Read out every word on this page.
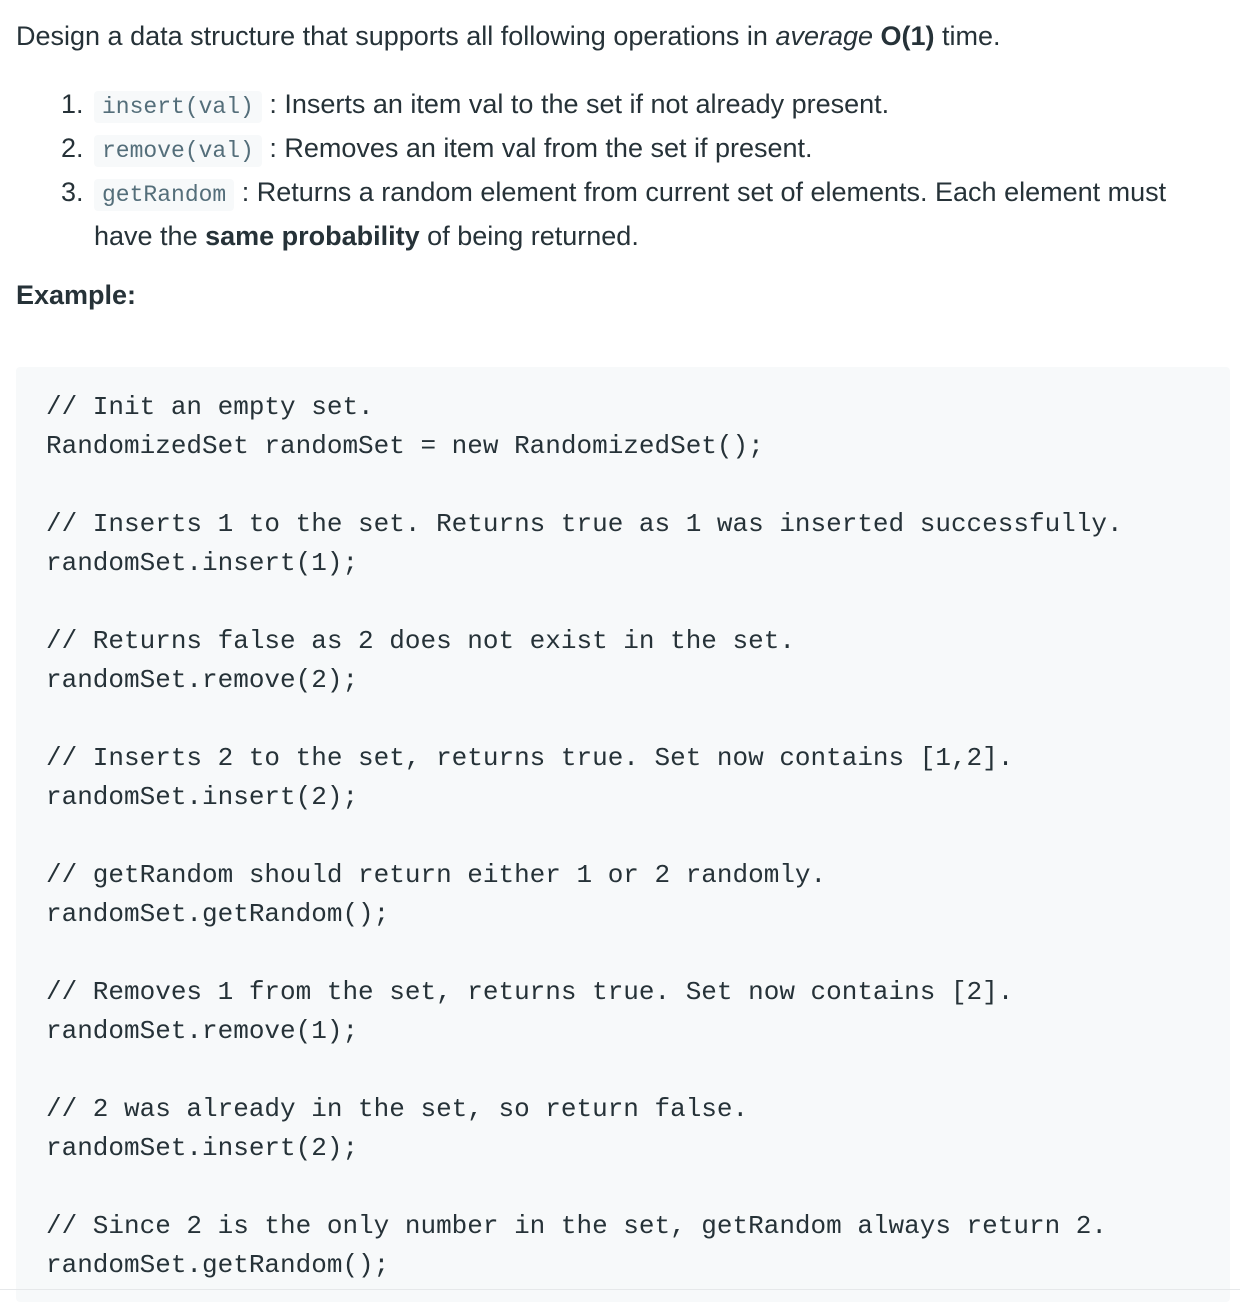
Design a data structure that supports all following operations in average O(1) time.

1. insert(val) : Inserts an item val to the set if not already present.
2. remove(val) : Removes an item val from the set if present.
3. getRandom : Returns a random element from current set of elements. Each element must have the same probability of being returned.

Example:

// Init an empty set.
RandomizedSet randomSet = new RandomizedSet();
// Inserts 1 to the set. Returns true as 1 was inserted successfully.
randomSet.insert(1);
// Returns false as 2 does not exist in the set.
randomSet.remove(2);
// Inserts 2 to the set, returns true. Set now contains [1,2].
randomSet.insert(2);
// getRandom should return either 1 or 2 randomly.
randomSet.getRandom();
// Removes 1 from the set, returns true. Set now contains [2].
randomSet.remove(1);
// 2 was already in the set, so return false.
randomSet.insert(2);
// Since 2 is the only number in the set, getRandom always return 2.
randomSet.getRandom();
